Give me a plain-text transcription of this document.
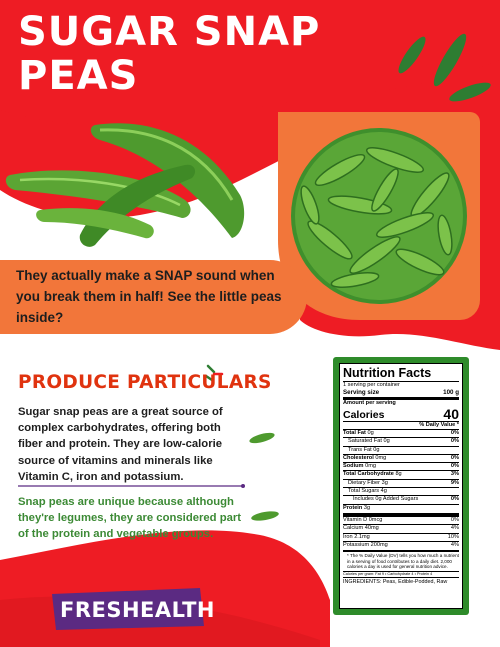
SUGAR SNAP
PEAS
They actually make a SNAP sound when you break them in half! See the little peas inside?
PRODUCE PARTICULARS
Sugar snap peas are a great source of complex carbohydrates, offering both fiber and protein. They are low-calorie source of vitamins and minerals like Vitamin C, iron and potassium.
Snap peas are unique because although they're legumes, they are considered part of the protein and vegetable groups.
Nutrition Facts
1 serving per container
Serving size	100 g
Amount per serving
Calories	40
% Daily Value *
Total Fat 0g	0%
Saturated Fat 0g	0%
Trans Fat 0g
Cholesterol 0mg	0%
Sodium 0mg	0%
Total Carbohydrate 8g	3%
Dietary Fiber 3g	9%
Total Sugars 4g
Includes 0g Added Sugars	0%
Protein 3g
Vitamin D 0mcg	0%
Calcium 40mg	4%
Iron 2.1mg	10%
Potassium 200mg	4%
* The % Daily Value (DV) tells you how much a nutrient in a serving of food contributes to a daily diet. 2,000 calories a day is used for general nutrition advice.
Calories per gram: Fat 9 • Carbohydrate 4 • Protein 4
INGREDIENTS: Peas, Edible-Podded, Raw
FRESHEALTH
